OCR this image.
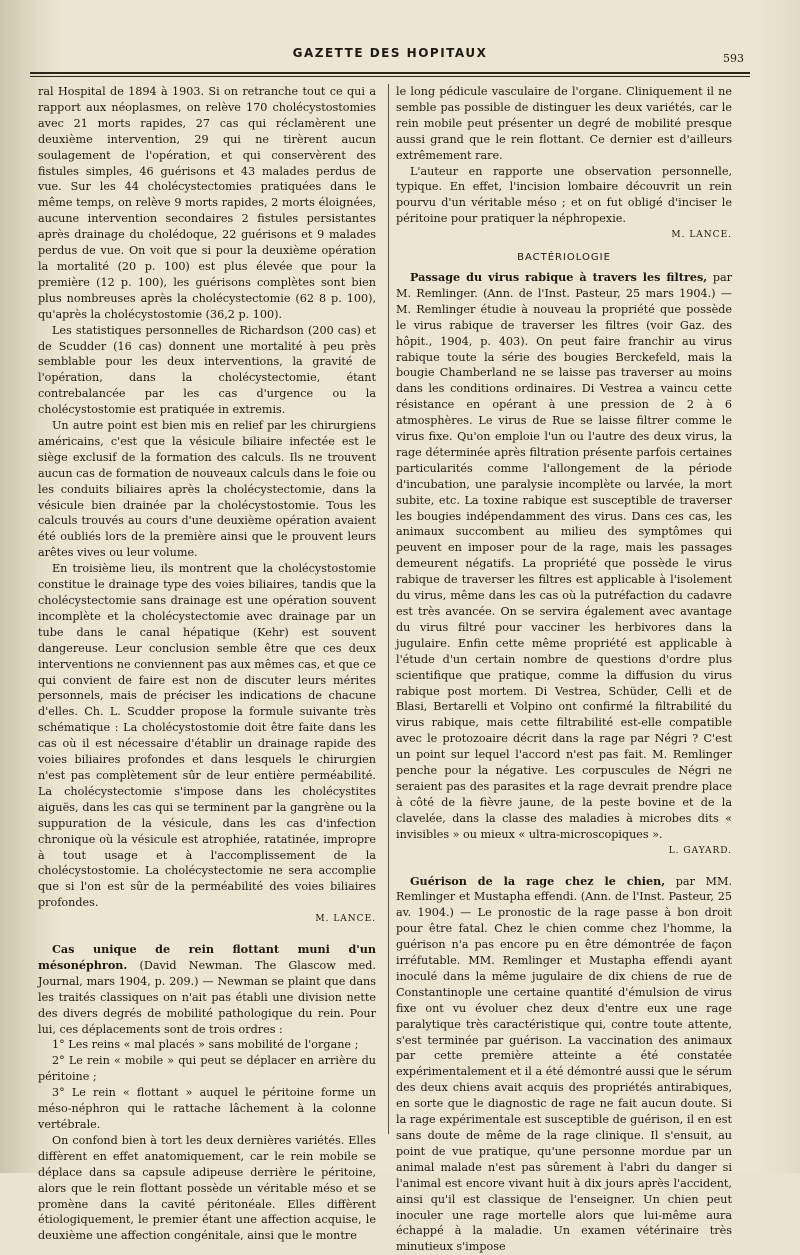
GAZETTE DES HOPITAUX	593

ral Hospital de 1894 à 1903. Si on retranche tout ce qui a rapport aux néoplasmes, on relève 170 cholécystostomies avec 21 morts rapides, 27 cas qui réclamèrent une deuxième intervention, 29 qui ne tirèrent aucun soulagement de l'opération, et qui conservèrent des fistules simples, 46 guérisons et 43 malades perdus de vue. Sur les 44 cholécystectomies pratiquées dans le même temps, on relève 9 morts rapides, 2 morts éloignées, aucune intervention secondaires 2 fistules persistantes après drainage du cholédoque, 22 guérisons et 9 malades perdus de vue. On voit que si pour la deuxième opération la mortalité (20 p. 100) est plus élevée que pour la première (12 p. 100), les guérisons complètes sont bien plus nombreuses après la cholécystectomie (62 8 p. 100), qu'après la cholécystostomie (36,2 p. 100).

Les statistiques personnelles de Richardson (200 cas) et de Scudder (16 cas) donnent une mortalité à peu près semblable pour les deux interventions, la gravité de l'opération, dans la cholécystectomie, étant contrebalancée par les cas d'urgence ou la cholécystostomie est pratiquée in extremis.

Un autre point est bien mis en relief par les chirurgiens américains, c'est que la vésicule biliaire infectée est le siège exclusif de la formation des calculs. Ils ne trouvent aucun cas de formation de nouveaux calculs dans le foie ou les conduits biliaires après la cholécystectomie, dans la vésicule bien drainée par la cholécystostomie. Tous les calculs trouvés au cours d'une deuxième opération avaient été oubliés lors de la première ainsi que le prouvent leurs arêtes vives ou leur volume.

En troisième lieu, ils montrent que la cholécystostomie constitue le drainage type des voies biliaires, tandis que la cholécystectomie sans drainage est une opération souvent incomplète et la cholécystectomie avec drainage par un tube dans le canal hépatique (Kehr) est souvent dangereuse. Leur conclusion semble être que ces deux interventions ne conviennent pas aux mêmes cas, et que ce qui convient de faire est non de discuter leurs mérites personnels, mais de préciser les indications de chacune d'elles. Ch. L. Scudder propose la formule suivante très schématique : La cholécystostomie doit être faite dans les cas où il est nécessaire d'établir un drainage rapide des voies biliaires profondes et dans lesquels le chirurgien n'est pas complètement sûr de leur entière perméabilité. La cholécystectomie s'impose dans les cholécystites aiguës, dans les cas qui se terminent par la gangrène ou la suppuration de la vésicule, dans les cas d'infection chronique où la vésicule est atrophiée, ratatinée, impropre à tout usage et à l'accomplissement de la cholécystostomie. La cholécystectomie ne sera accomplie que si l'on est sûr de la perméabilité des voies biliaires profondes.

M. LANCE.

Cas unique de rein flottant muni d'un mésonéphron. (David Newman. The Glascow med. Journal, mars 1904, p. 209.) — Newman se plaint que dans les traités classiques on n'ait pas établi une division nette des divers degrés de mobilité pathologique du rein. Pour lui, ces déplacements sont de trois ordres :

1° Les reins « mal placés » sans mobilité de l'organe ;

2° Le rein « mobile » qui peut se déplacer en arrière du péritoine ;

3° Le rein « flottant » auquel le péritoine forme un méso-néphron qui le rattache lâchement à la colonne vertébrale.

On confond bien à tort les deux dernières variétés. Elles diffèrent en effet anatomiquement, car le rein mobile se déplace dans sa capsule adipeuse derrière le péritoine, alors que le rein flottant possède un véritable méso et se promène dans la cavité péritonéale. Elles diffèrent étiologiquement, le premier étant une affection acquise, le deuxième une affection congénitale, ainsi que le montre

le long pédicule vasculaire de l'organe. Cliniquement il ne semble pas possible de distinguer les deux variétés, car le rein mobile peut présenter un degré de mobilité presque aussi grand que le rein flottant. Ce dernier est d'ailleurs extrêmement rare.

L'auteur en rapporte une observation personnelle, typique. En effet, l'incision lombaire découvrit un rein pourvu d'un véritable méso ; et on fut obligé d'inciser le péritoine pour pratiquer la néphropexie.

M. LANCE.

BACTÉRIOLOGIE

Passage du virus rabique à travers les filtres, par M. Remlinger. (Ann. de l'Inst. Pasteur, 25 mars 1904.) — M. Remlinger étudie à nouveau la propriété que possède le virus rabique de traverser les filtres (voir Gaz. des hôpit., 1904, p. 403). On peut faire franchir au virus rabique toute la série des bougies Berckefeld, mais la bougie Chamberland ne se laisse pas traverser au moins dans les conditions ordinaires. Di Vestrea a vaincu cette résistance en opérant à une pression de 2 à 6 atmosphères. Le virus de Rue se laisse filtrer comme le virus fixe. Qu'on emploie l'un ou l'autre des deux virus, la rage déterminée après filtration présente parfois certaines particularités comme l'allongement de la période d'incubation, une paralysie incomplète ou larvée, la mort subite, etc. La toxine rabique est susceptible de traverser les bougies indépendamment des virus. Dans ces cas, les animaux succombent au milieu des symptômes qui peuvent en imposer pour de la rage, mais les passages demeurent négatifs. La propriété que possède le virus rabique de traverser les filtres est applicable à l'isolement du virus, même dans les cas où la putréfaction du cadavre est très avancée. On se servira également avec avantage du virus filtré pour vacciner les herbivores dans la jugulaire. Enfin cette même propriété est applicable à l'étude d'un certain nombre de questions d'ordre plus scientifique que pratique, comme la diffusion du virus rabique post mortem. Di Vestrea, Schüder, Celli et de Blasi, Bertarelli et Volpino ont confirmé la filtrabilité du virus rabique, mais cette filtrabilité est-elle compatible avec le protozoaire décrit dans la rage par Négri ? C'est un point sur lequel l'accord n'est pas fait. M. Remlinger penche pour la négative. Les corpuscules de Négri ne seraient pas des parasites et la rage devrait prendre place à côté de la fièvre jaune, de la peste bovine et de la clavelée, dans la classe des maladies à microbes dits « invisibles » ou mieux « ultra-microscopiques ».

L. GAYARD.

Guérison de la rage chez le chien, par MM. Remlinger et Mustapha effendi. (Ann. de l'Inst. Pasteur, 25 av. 1904.) — Le pronostic de la rage passe à bon droit pour être fatal. Chez le chien comme chez l'homme, la guérison n'a pas encore pu en être démontrée de façon irréfutable. MM. Remlinger et Mustapha effendi ayant inoculé dans la même jugulaire de dix chiens de rue de Constantinople une certaine quantité d'émulsion de virus fixe ont vu évoluer chez deux d'entre eux une rage paralytique très caractéristique qui, contre toute attente, s'est terminée par guérison. La vaccination des animaux par cette première atteinte a été constatée expérimentalement et il a été démontré aussi que le sérum des deux chiens avait acquis des propriétés antirabiques, en sorte que le diagnostic de rage ne fait aucun doute. Si la rage expérimentale est susceptible de guérison, il en est sans doute de même de la rage clinique. Il s'ensuit, au point de vue pratique, qu'une personne mordue par un animal malade n'est pas sûrement à l'abri du danger si l'animal est encore vivant huit à dix jours après l'accident, ainsi qu'il est classique de l'enseigner. Un chien peut inoculer une rage mortelle alors que lui-même aura échappé à la maladie. Un examen vétérinaire très minutieux s'impose
